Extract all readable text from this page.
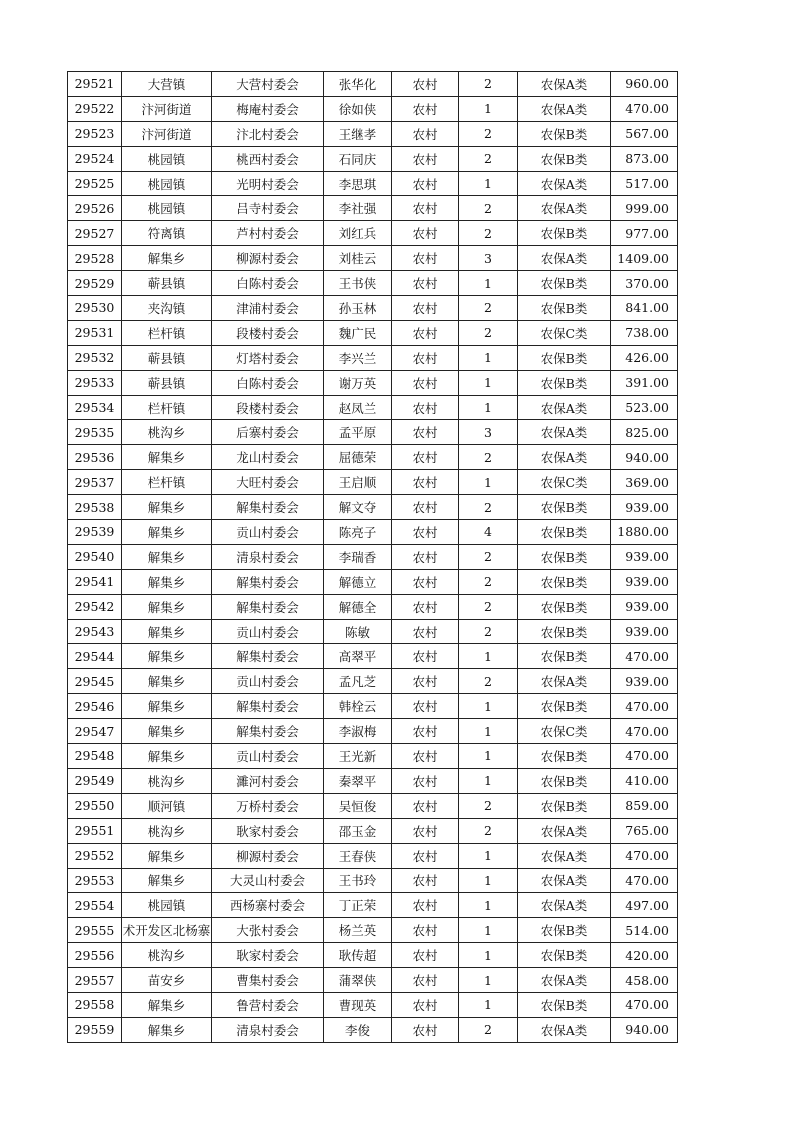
29521	大营镇	大营村委会	张华化	农村	2	农保A类	960.00
29522	汴河街道	梅庵村委会	徐如侠	农村	1	农保A类	470.00
29523	汴河街道	汴北村委会	王继孝	农村	2	农保B类	567.00
29524	桃园镇	桃西村委会	石同庆	农村	2	农保B类	873.00
29525	桃园镇	光明村委会	李思琪	农村	1	农保A类	517.00
29526	桃园镇	吕寺村委会	李社强	农村	2	农保A类	999.00
29527	符离镇	芦村村委会	刘红兵	农村	2	农保B类	977.00
29528	解集乡	柳源村委会	刘桂云	农村	3	农保A类	1409.00
29529	蕲县镇	白陈村委会	王书侠	农村	1	农保B类	370.00
29530	夹沟镇	津浦村委会	孙玉林	农村	2	农保B类	841.00
29531	栏杆镇	段楼村委会	魏广民	农村	2	农保C类	738.00
29532	蕲县镇	灯塔村委会	李兴兰	农村	1	农保B类	426.00
29533	蕲县镇	白陈村委会	谢万英	农村	1	农保B类	391.00
29534	栏杆镇	段楼村委会	赵凤兰	农村	1	农保A类	523.00
29535	桃沟乡	后寨村委会	孟平原	农村	3	农保A类	825.00
29536	解集乡	龙山村委会	屈德荣	农村	2	农保A类	940.00
29537	栏杆镇	大旺村委会	王启顺	农村	1	农保C类	369.00
29538	解集乡	解集村委会	解文夺	农村	2	农保B类	939.00
29539	解集乡	贡山村委会	陈亮子	农村	4	农保B类	1880.00
29540	解集乡	清泉村委会	李瑞香	农村	2	农保B类	939.00
29541	解集乡	解集村委会	解德立	农村	2	农保B类	939.00
29542	解集乡	解集村委会	解德全	农村	2	农保B类	939.00
29543	解集乡	贡山村委会	陈敏	农村	2	农保B类	939.00
29544	解集乡	解集村委会	高翠平	农村	1	农保B类	470.00
29545	解集乡	贡山村委会	孟凡芝	农村	2	农保A类	939.00
29546	解集乡	解集村委会	韩栓云	农村	1	农保B类	470.00
29547	解集乡	解集村委会	李淑梅	农村	1	农保C类	470.00
29548	解集乡	贡山村委会	王光新	农村	1	农保B类	470.00
29549	桃沟乡	濉河村委会	秦翠平	农村	1	农保B类	410.00
29550	顺河镇	万桥村委会	吴恒俊	农村	2	农保B类	859.00
29551	桃沟乡	耿家村委会	邵玉金	农村	2	农保A类	765.00
29552	解集乡	柳源村委会	王春侠	农村	1	农保A类	470.00
29553	解集乡	大灵山村委会	王书玲	农村	1	农保A类	470.00
29554	桃园镇	西杨寨村委会	丁正荣	农村	1	农保A类	497.00
29555	术开发区北杨寨	大张村委会	杨兰英	农村	1	农保B类	514.00
29556	桃沟乡	耿家村委会	耿传超	农村	1	农保B类	420.00
29557	苗安乡	曹集村委会	蒲翠侠	农村	1	农保A类	458.00
29558	解集乡	鲁营村委会	曹现英	农村	1	农保B类	470.00
29559	解集乡	清泉村委会	李俊	农村	2	农保A类	940.00
